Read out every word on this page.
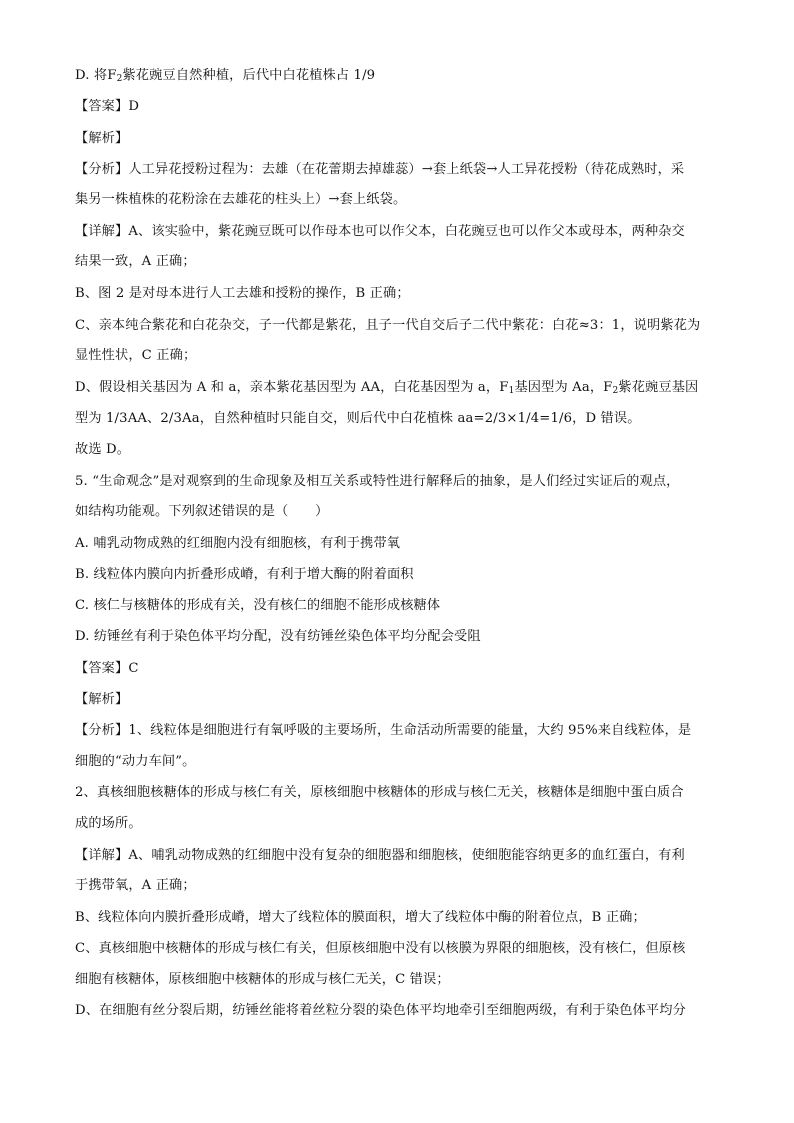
D. 将$F_2$紫花豌豆自然种植，后代中白花植株占 1/9
【答案】D
【解析】
【分析】人工异花授粉过程为：去雄（在花蕾期去掉雄蕊）→套上纸袋→人工异花授粉（待花成熟时，采
集另一株植株的花粉涂在去雄花的柱头上）→套上纸袋。
【详解】A、该实验中，紫花豌豆既可以作母本也可以作父本，白花豌豆也可以作父本或母本，两种杂交
结果一致，A 正确；
B、图 2 是对母本进行人工去雄和授粉的操作，B 正确；
C、亲本纯合紫花和白花杂交，子一代都是紫花，且子一代自交后子二代中紫花：白花≈3：1，说明紫花为
显性性状，C 正确；
D、假设相关基因为 A 和 a，亲本紫花基因型为 AA，白花基因型为 a，$F_1$基因型为 Aa，$F_2$紫花豌豆基因
型为 1/3AA、2/3Aa，自然种植时只能自交，则后代中白花植株 aa=2/3×1/4=1/6，D 错误。
故选 D。
5. “生命观念”是对观察到的生命现象及相互关系或特性进行解释后的抽象，是人们经过实证后的观点，
如结构功能观。下列叙述错误的是（　　）
A. 哺乳动物成熟的红细胞内没有细胞核，有利于携带氧
B. 线粒体内膜向内折叠形成嵴，有利于增大酶的附着面积
C. 核仁与核糖体的形成有关，没有核仁的细胞不能形成核糖体
D. 纺锤丝有利于染色体平均分配，没有纺锤丝染色体平均分配会受阻
【答案】C
【解析】
【分析】1、线粒体是细胞进行有氧呼吸的主要场所，生命活动所需要的能量，大约 95%来自线粒体，是
细胞的“动力车间”。
2、真核细胞核糖体的形成与核仁有关，原核细胞中核糖体的形成与核仁无关，核糖体是细胞中蛋白质合
成的场所。
【详解】A、哺乳动物成熟的红细胞中没有复杂的细胞器和细胞核，使细胞能容纳更多的血红蛋白，有利
于携带氧，A 正确；
B、线粒体向内膜折叠形成嵴，增大了线粒体的膜面积，增大了线粒体中酶的附着位点，B 正确；
C、真核细胞中核糖体的形成与核仁有关，但原核细胞中没有以核膜为界限的细胞核，没有核仁，但原核
细胞有核糖体，原核细胞中核糖体的形成与核仁无关，C 错误；
D、在细胞有丝分裂后期，纺锤丝能将着丝粒分裂的染色体平均地牵引至细胞两级，有利于染色体平均分
